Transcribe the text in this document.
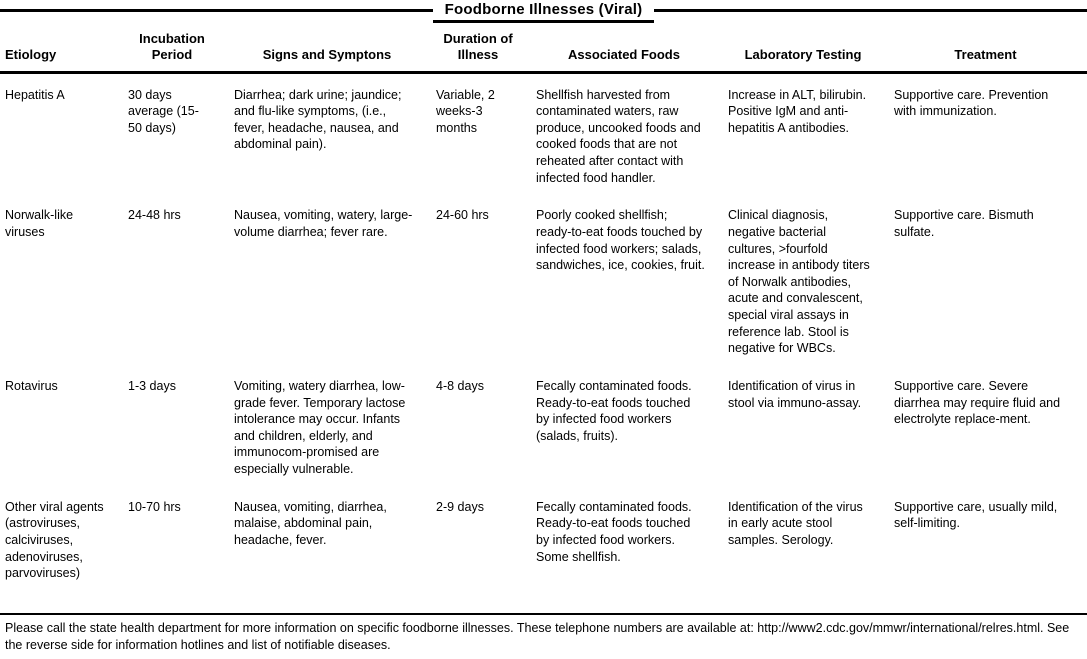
Foodborne Illnesses (Viral)
Etiology	Incubation Period	Signs and Symptons	Duration of Illness	Associated Foods	Laboratory Testing	Treatment
Hepatitis A	30 days average (15-50 days)	Diarrhea; dark urine; jaundice; and flu-like symptoms, (i.e., fever, headache, nausea, and abdominal pain).	Variable, 2 weeks-3 months	Shellfish harvested from contaminated waters, raw produce, uncooked foods and cooked foods that are not reheated after contact with infected food handler.	Increase in ALT, bilirubin. Positive IgM and anti-hepatitis A antibodies.	Supportive care. Prevention with immunization.
Norwalk-like viruses	24-48 hrs	Nausea, vomiting, watery, large-volume diarrhea; fever rare.	24-60 hrs	Poorly cooked shellfish; ready-to-eat foods touched by infected food workers; salads, sandwiches, ice, cookies, fruit.	Clinical diagnosis, negative bacterial cultures, >fourfold increase in antibody titers of Norwalk antibodies, acute and convalescent, special viral assays in reference lab. Stool is negative for WBCs.	Supportive care. Bismuth sulfate.
Rotavirus	1-3 days	Vomiting, watery diarrhea, low-grade fever. Temporary lactose intolerance may occur. Infants and children, elderly, and immunocom-promised are especially vulnerable.	4-8 days	Fecally contaminated foods. Ready-to-eat foods touched by infected food workers (salads, fruits).	Identification of virus in stool via immuno-assay.	Supportive care. Severe diarrhea may require fluid and electrolyte replace-ment.
Other viral agents (astroviruses, calciviruses, adenoviruses, parvoviruses)	10-70 hrs	Nausea, vomiting, diarrhea, malaise, abdominal pain, headache, fever.	2-9 days	Fecally contaminated foods. Ready-to-eat foods touched by infected food workers. Some shellfish.	Identification of the virus in early acute stool samples. Serology.	Supportive care, usually mild, self-limiting.
Please call the state health department for more information on specific foodborne illnesses. These telephone numbers are available at: http://www2.cdc.gov/mmwr/international/relres.html. See the reverse side for information hotlines and list of notifiable diseases.
